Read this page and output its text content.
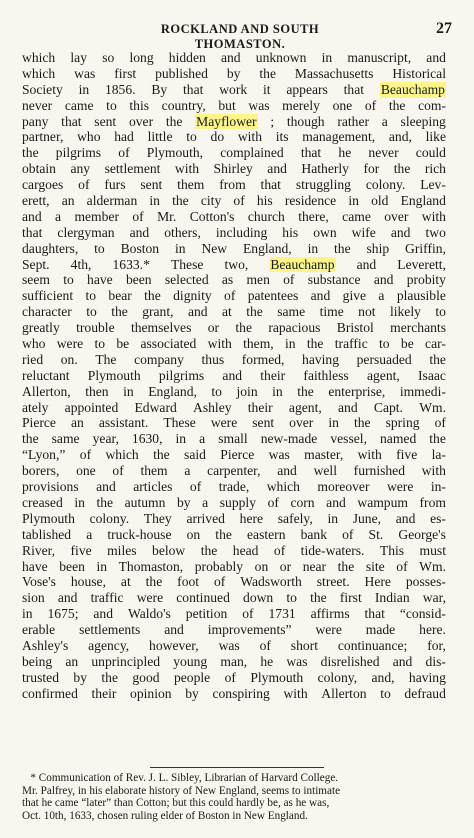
ROCKLAND AND SOUTH THOMASTON.
27
which lay so long hidden and unknown in manuscript, and
which was first published by the Massachusetts Historical
Society in 1856. By that work it appears that Beauchamp
never came to this country, but was merely one of the com-
pany that sent over the Mayflower ; though rather a sleeping
partner, who had little to do with its management, and, like
the pilgrims of Plymouth, complained that he never could
obtain any settlement with Shirley and Hatherly for the rich
cargoes of furs sent them from that struggling colony. Lev-
erett, an alderman in the city of his residence in old England
and a member of Mr. Cotton's church there, came over with
that clergyman and others, including his own wife and two
daughters, to Boston in New England, in the ship Griffin,
Sept. 4th, 1633.* These two, Beauchamp and Leverett,
seem to have been selected as men of substance and probity
sufficient to bear the dignity of patentees and give a plausible
character to the grant, and at the same time not likely to
greatly trouble themselves or the rapacious Bristol merchants
who were to be associated with them, in the traffic to be car-
ried on. The company thus formed, having persuaded the
reluctant Plymouth pilgrims and their faithless agent, Isaac
Allerton, then in England, to join in the enterprise, immedi-
ately appointed Edward Ashley their agent, and Capt. Wm.
Pierce an assistant. These were sent over in the spring of
the same year, 1630, in a small new-made vessel, named the
“Lyon,” of which the said Pierce was master, with five la-
borers, one of them a carpenter, and well furnished with
provisions and articles of trade, which moreover were in-
creased in the autumn by a supply of corn and wampum from
Plymouth colony. They arrived here safely, in June, and es-
tablished a truck-house on the eastern bank of St. George's
River, five miles below the head of tide-waters. This must
have been in Thomaston, probably on or near the site of Wm.
Vose's house, at the foot of Wadsworth street. Here posses-
sion and traffic were continued down to the first Indian war,
in 1675; and Waldo's petition of 1731 affirms that “consid-
erable settlements and improvements” were made here.
Ashley's agency, however, was of short continuance; for,
being an unprincipled young man, he was disrelished and dis-
trusted by the good people of Plymouth colony, and, having
confirmed their opinion by conspiring with Allerton to defraud
* Communication of Rev. J. L. Sibley, Librarian of Harvard College.
Mr. Palfrey, in his elaborate history of New England, seems to intimate
that he came “later” than Cotton; but this could hardly be, as he was,
Oct. 10th, 1633, chosen ruling elder of Boston in New England.
